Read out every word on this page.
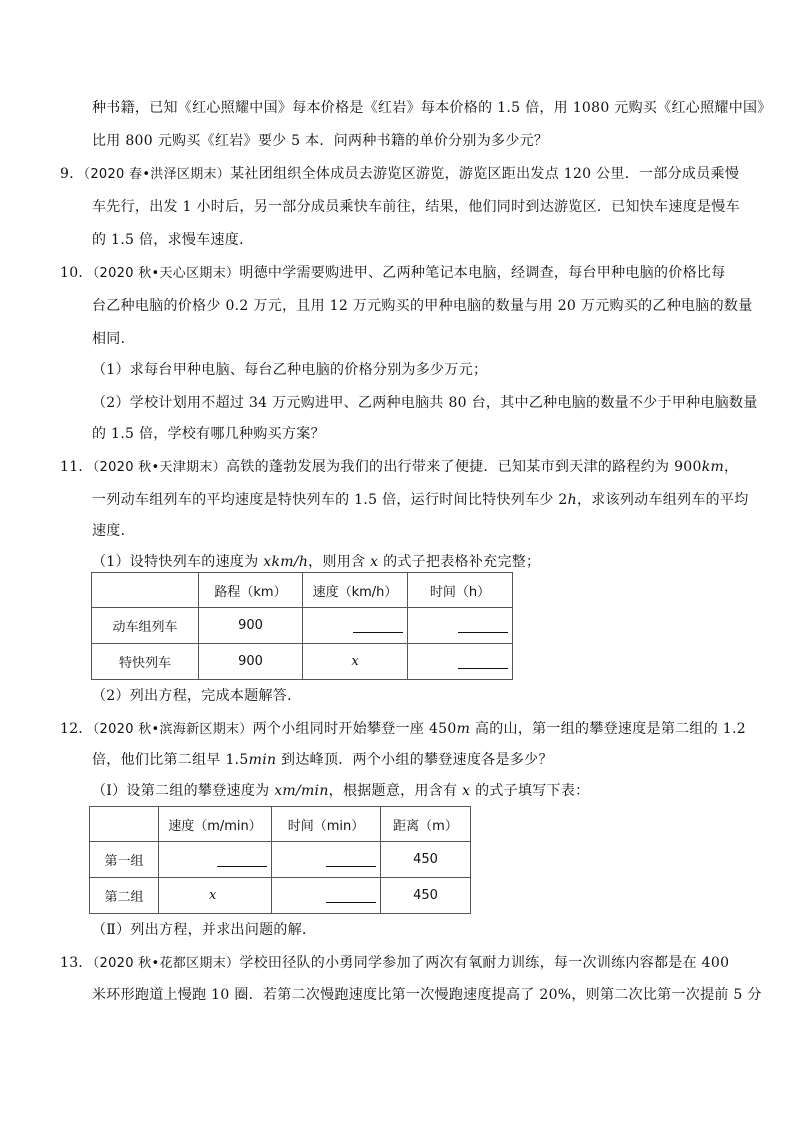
种书籍，已知《红心照耀中国》每本价格是《红岩》每本价格的 1.5 倍，用 1080 元购买《红心照耀中国》
比用 800 元购买《红岩》要少 5 本．问两种书籍的单价分别为多少元？
9．（2020 春•洪泽区期末）某社团组织全体成员去游览区游览，游览区距出发点 120 公里．一部分成员乘慢
车先行，出发 1 小时后，另一部分成员乘快车前往，结果，他们同时到达游览区．已知快车速度是慢车
的 1.5 倍，求慢车速度．
10．（2020 秋•天心区期末）明德中学需要购进甲、乙两种笔记本电脑，经调查，每台甲种电脑的价格比每
台乙种电脑的价格少 0.2 万元，且用 12 万元购买的甲种电脑的数量与用 20 万元购买的乙种电脑的数量
相同．
（1）求每台甲种电脑、每台乙种电脑的价格分别为多少万元；
（2）学校计划用不超过 34 万元购进甲、乙两种电脑共 80 台，其中乙种电脑的数量不少于甲种电脑数量
的 1.5 倍，学校有哪几种购买方案？
11．（2020 秋•天津期末）高铁的蓬勃发展为我们的出行带来了便捷．已知某市到天津的路程约为 900km，
一列动车组列车的平均速度是特快列车的 1.5 倍，运行时间比特快列车少 2h，求该列动车组列车的平均
速度．
（1）设特快列车的速度为 xkm/h，则用含 x 的式子把表格补充完整；
	路程（km）	速度（km/h）	时间（h）
动车组列车	900		
特快列车	900	x	
（2）列出方程，完成本题解答．
12．（2020 秋•滨海新区期末）两个小组同时开始攀登一座 450m 高的山，第一组的攀登速度是第二组的 1.2
倍，他们比第二组早 1.5min 到达峰顶．两个小组的攀登速度各是多少？
（Ⅰ）设第二组的攀登速度为 xm/min，根据题意，用含有 x 的式子填写下表：
	速度（m/min）	时间（min）	距离（m）
第一组			450
第二组	x		450
（Ⅱ）列出方程，并求出问题的解．
13．（2020 秋•花都区期末）学校田径队的小勇同学参加了两次有氧耐力训练，每一次训练内容都是在 400
米环形跑道上慢跑 10 圈．若第二次慢跑速度比第一次慢跑速度提高了 20%，则第二次比第一次提前 5 分
